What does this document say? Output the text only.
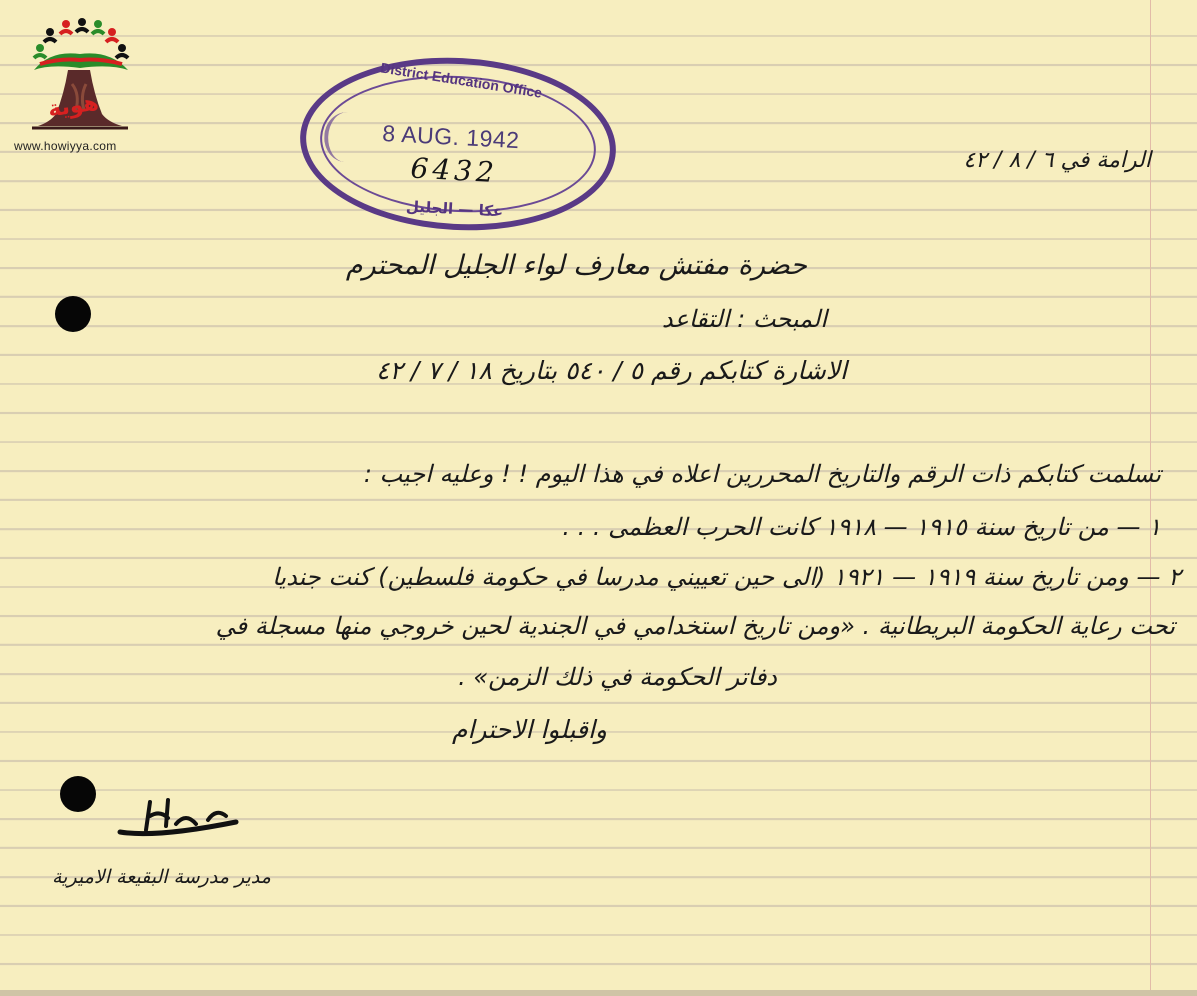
هوية
www.howiyya.com
District Education Office
8 AUG. 1942
6432
عكا — الجليل
الرامة في ٦ / ٨ / ٤٢
حضرة مفتش معارف لواء الجليل المحترم
المبحث : التقاعد
الاشارة كتابكم رقم ٥ / ٥٤٠ بتاريخ ١٨ / ٧ / ٤٢
تسلمت كتابكم ذات الرقم والتاريخ المحررين اعلاه في هذا اليوم ! ! وعليه اجيب :
١ — من تاريخ سنة ١٩١٥ — ١٩١٨ كانت الحرب العظمى . . .
٢ — ومن تاريخ سنة ١٩١٩ — ١٩٢١ (الى حين تعييني مدرسا في حكومة فلسطين) كنت جنديا
تحت رعاية الحكومة البريطانية . «ومن تاريخ استخدامي في الجندية لحين خروجي منها مسجلة في
دفاتر الحكومة في ذلك الزمن» .
واقبلوا الاحترام
مدير مدرسة البقيعة الاميرية
